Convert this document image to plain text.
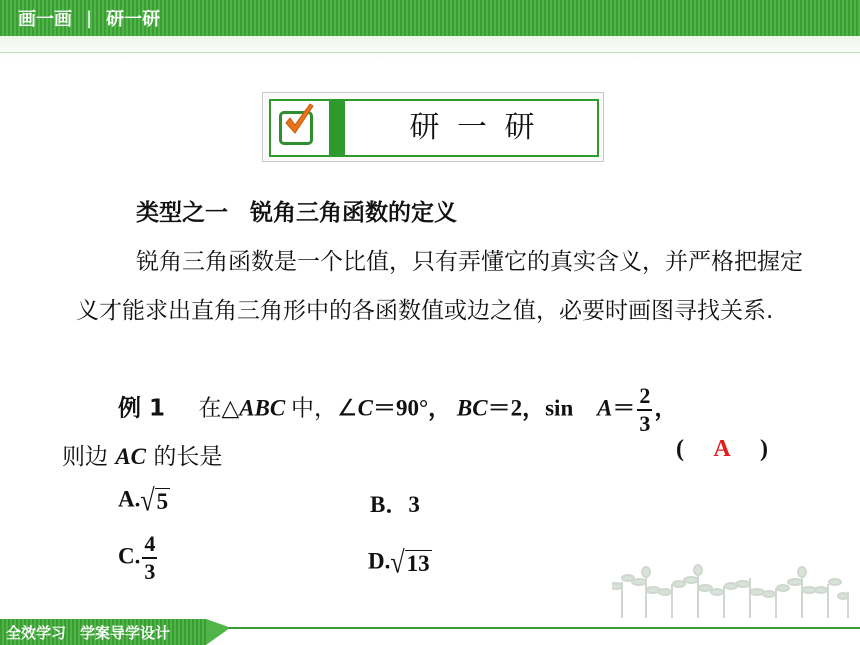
画一画 | 研一研
研 一 研
类型之一 锐角三角函数的定义
锐角三角函数是一个比值，只有弄懂它的真实含义，并严格把握定义才能求出直角三角形中的各函数值或边之值，必要时画图寻找关系.
例 1 在△ABC 中，∠C＝90°， BC＝2，$\sin A= \frac{2}{3}$ ，
则边 AC 的长是	( A )
A.√5	B．3
C. $\frac{4}{3}$	D.√13
全效学习 学案导学设计
